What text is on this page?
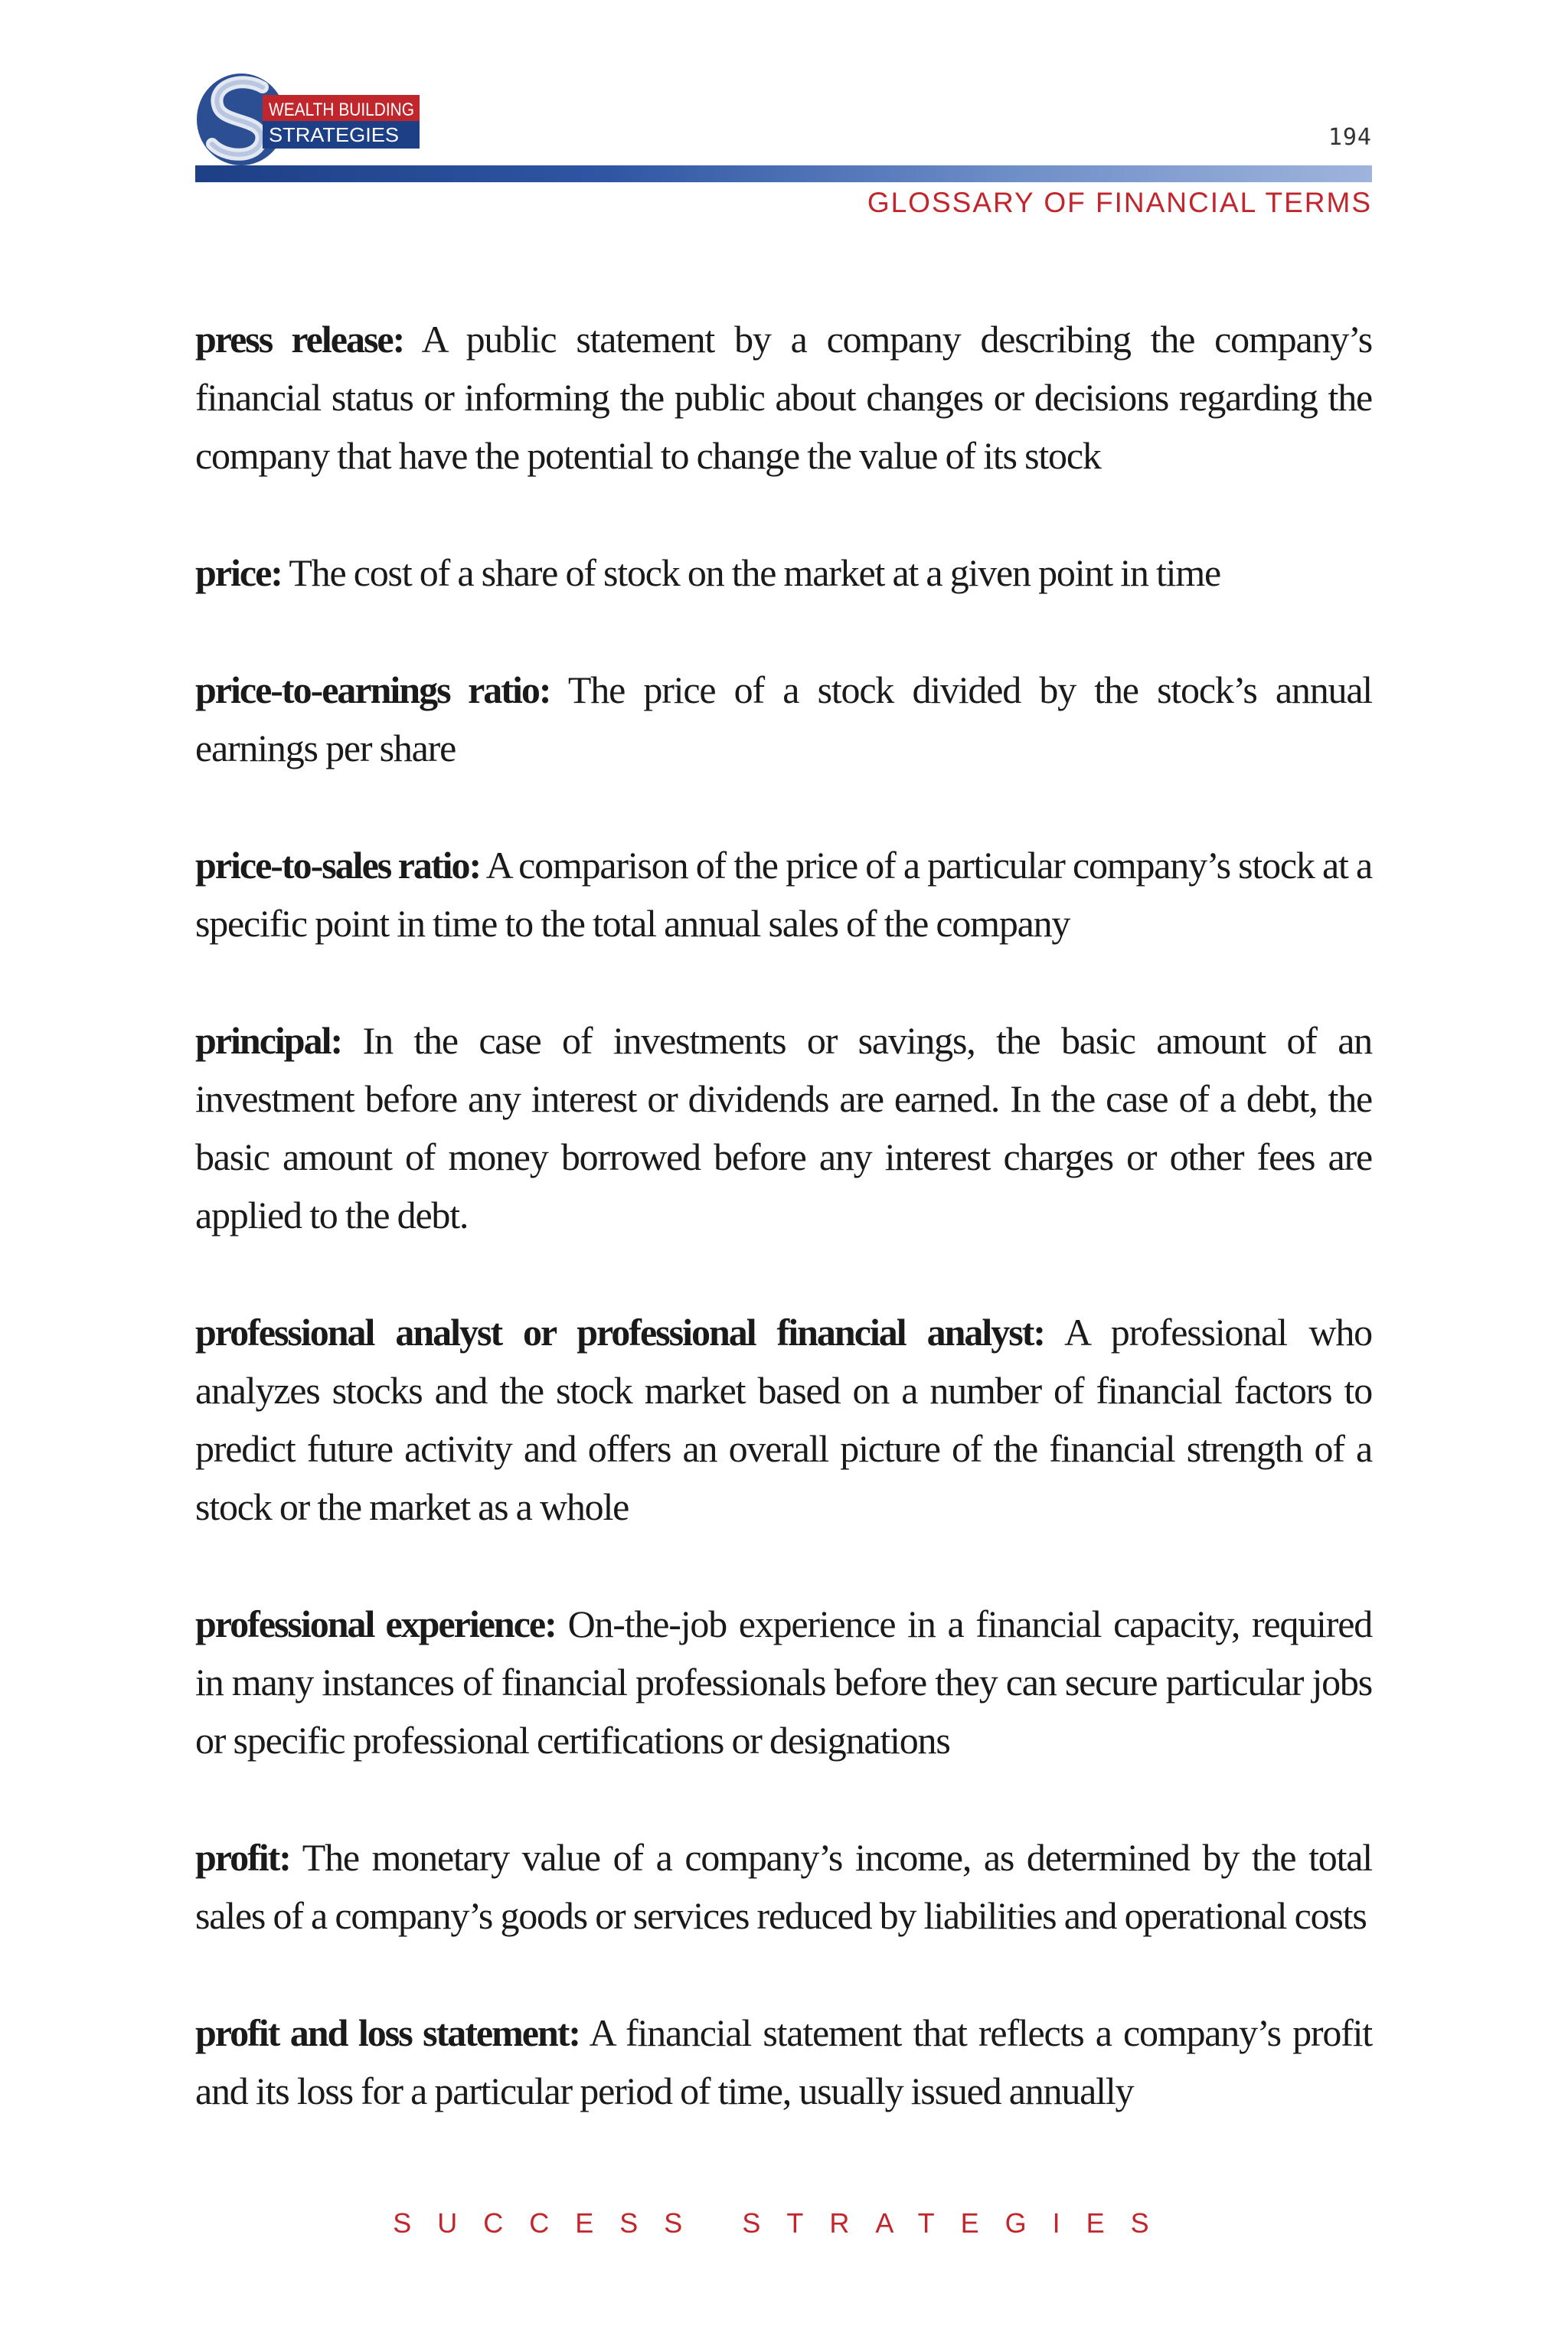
WEALTH BUILDING
STRATEGIES	194
GLOSSARY OF FINANCIAL TERMS

press release: A public statement by a company describing the company’s financial status or informing the public about changes or decisions regarding the company that have the potential to change the value of its stock

price: The cost of a share of stock on the market at a given point in time

price-to-earnings ratio: The price of a stock divided by the stock’s annual earnings per share

price-to-sales ratio: A comparison of the price of a particular company’s stock at a specific point in time to the total annual sales of the company

principal: In the case of investments or savings, the basic amount of an investment before any interest or dividends are earned. In the case of a debt, the basic amount of money borrowed before any interest charges or other fees are applied to the debt.

professional analyst or professional financial analyst: A professional who analyzes stocks and the stock market based on a number of financial factors to predict future activity and offers an overall picture of the financial strength of a stock or the market as a whole

professional experience: On-the-job experience in a financial capacity, required in many instances of financial professionals before they can secure particular jobs or specific professional certifications or designations

profit: The monetary value of a company’s income, as determined by the total sales of a company’s goods or services reduced by liabilities and operational costs

profit and loss statement: A financial statement that reflects a company’s profit and its loss for a particular period of time, usually issued annually

SUCCESS STRATEGIES
